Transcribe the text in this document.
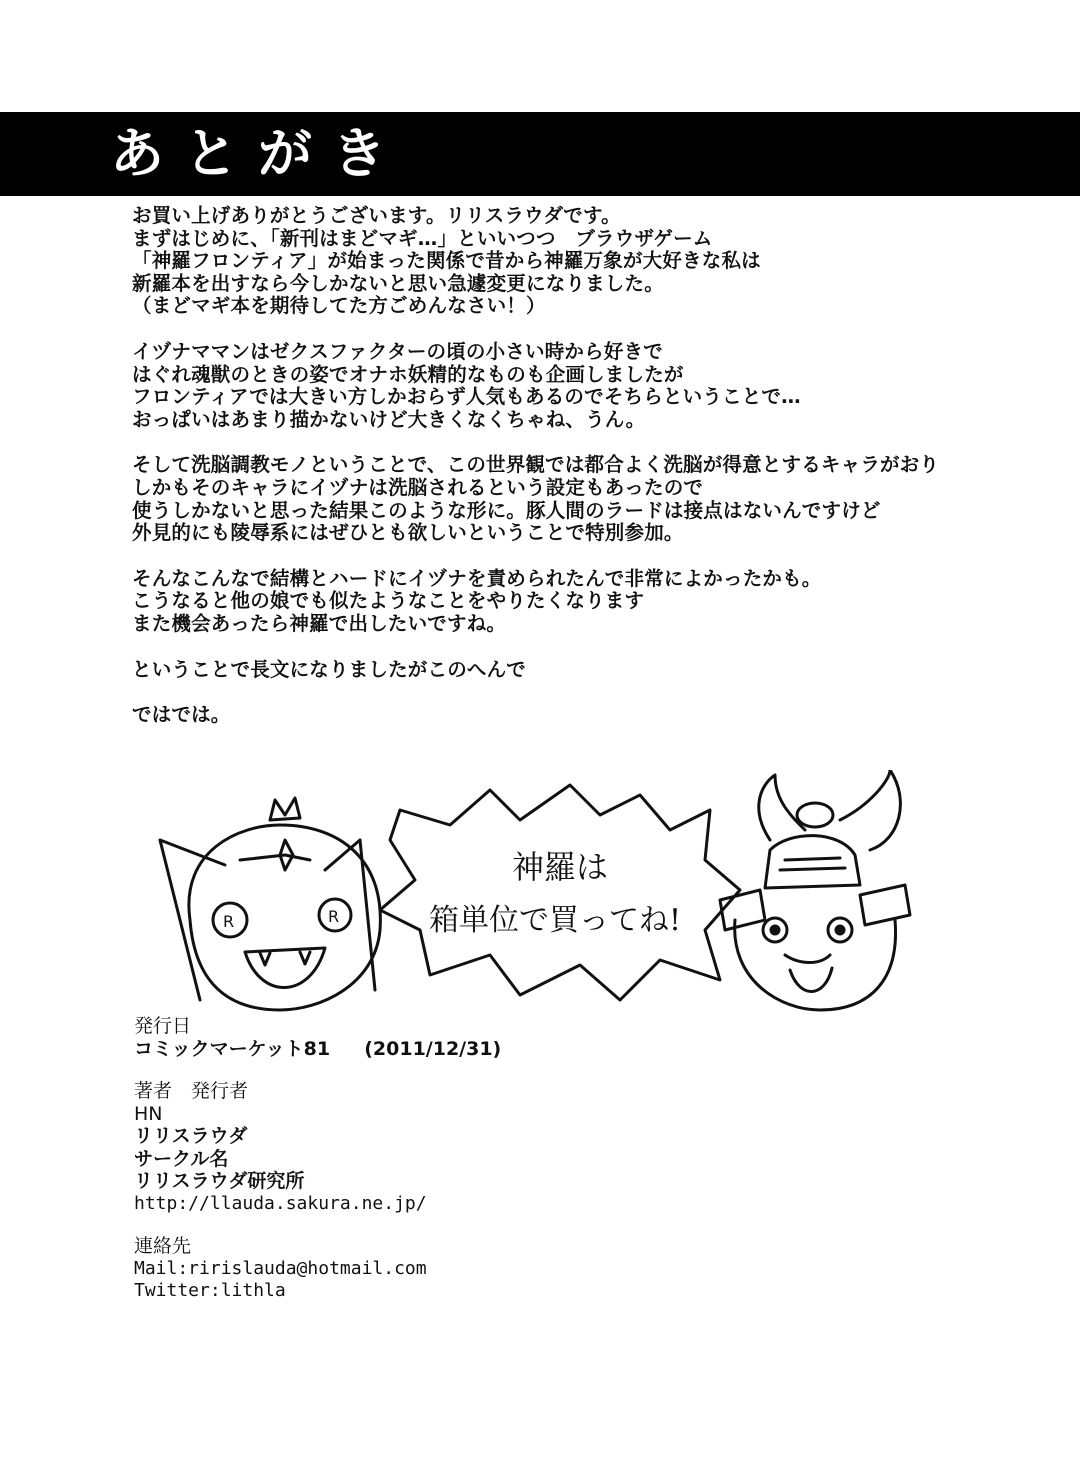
あとがき
お買い上げありがとうございます。リリスラウダです。
まずはじめに、「新刊はまどマギ…」といいつつ　ブラウザゲーム
「神羅フロンティア」が始まった関係で昔から神羅万象が大好きな私は
新羅本を出すなら今しかないと思い急遽変更になりました。
（まどマギ本を期待してた方ごめんなさい！）
イヅナママンはゼクスファクターの頃の小さい時から好きで
はぐれ魂獣のときの姿でオナホ妖精的なものも企画しましたが
フロンティアでは大きい方しかおらず人気もあるのでそちらということで…
おっぱいはあまり描かないけど大きくなくちゃね、うん。
そして洗脳調教モノということで、この世界観では都合よく洗脳が得意とするキャラがおり
しかもそのキャラにイヅナは洗脳されるという設定もあったので
使うしかないと思った結果このような形に。豚人間のラードは接点はないんですけど
外見的にも陵辱系にはぜひとも欲しいということで特別参加。
そんなこんなで結構とハードにイヅナを責められたんで非常によかったかも。
こうなると他の娘でも似たようなことをやりたくなります
また機会あったら神羅で出したいですね。
ということで長文になりましたがこのへんで
ではでは。
R	R
神羅は
箱単位で買ってね!
発行日
コミックマーケット81 (2011/12/31)
著者　発行者
HN
リリスラウダ
サークル名
リリスラウダ研究所
http://llauda.sakura.ne.jp/
連絡先
Mail:ririslauda@hotmail.com
Twitter:lithla
